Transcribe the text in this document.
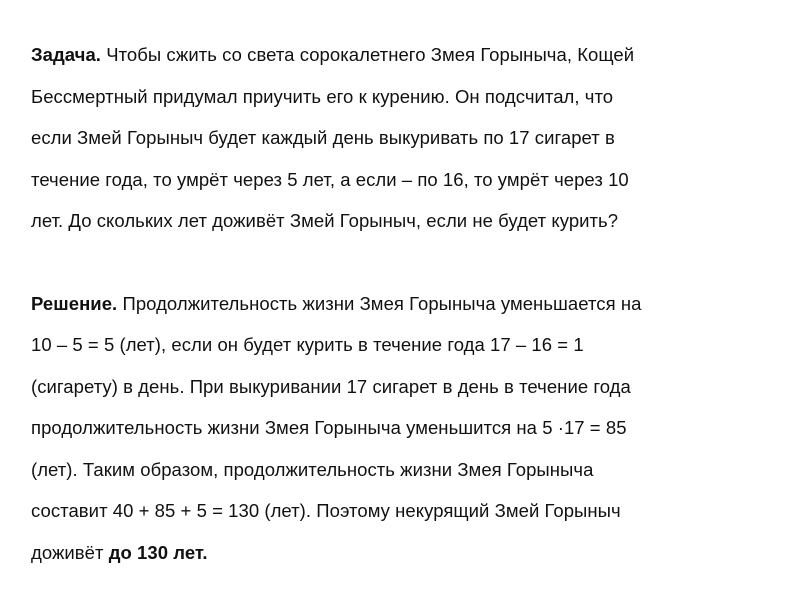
Задача. Чтобы сжить со света сорокалетнего Змея Горыныча, Кощей
Бессмертный придумал приучить его к курению. Он подсчитал, что
если Змей Горыныч будет каждый день выкуривать по 17 сигарет в
течение года, то умрёт через 5 лет, а если – по 16, то умрёт через 10
лет. До скольких лет доживёт Змей Горыныч, если не будет курить?

Решение. Продолжительность жизни Змея Горыныча уменьшается на
10 – 5 = 5 (лет), если он будет курить в течение года 17 – 16 = 1
(сигарету) в день. При выкуривании 17 сигарет в день в течение года
продолжительность жизни Змея Горыныча уменьшится на 5 ·17 = 85
(лет). Таким образом, продолжительность жизни Змея Горыныча
составит 40 + 85 + 5 = 130 (лет). Поэтому некурящий Змей Горыныч
доживёт до 130 лет.
